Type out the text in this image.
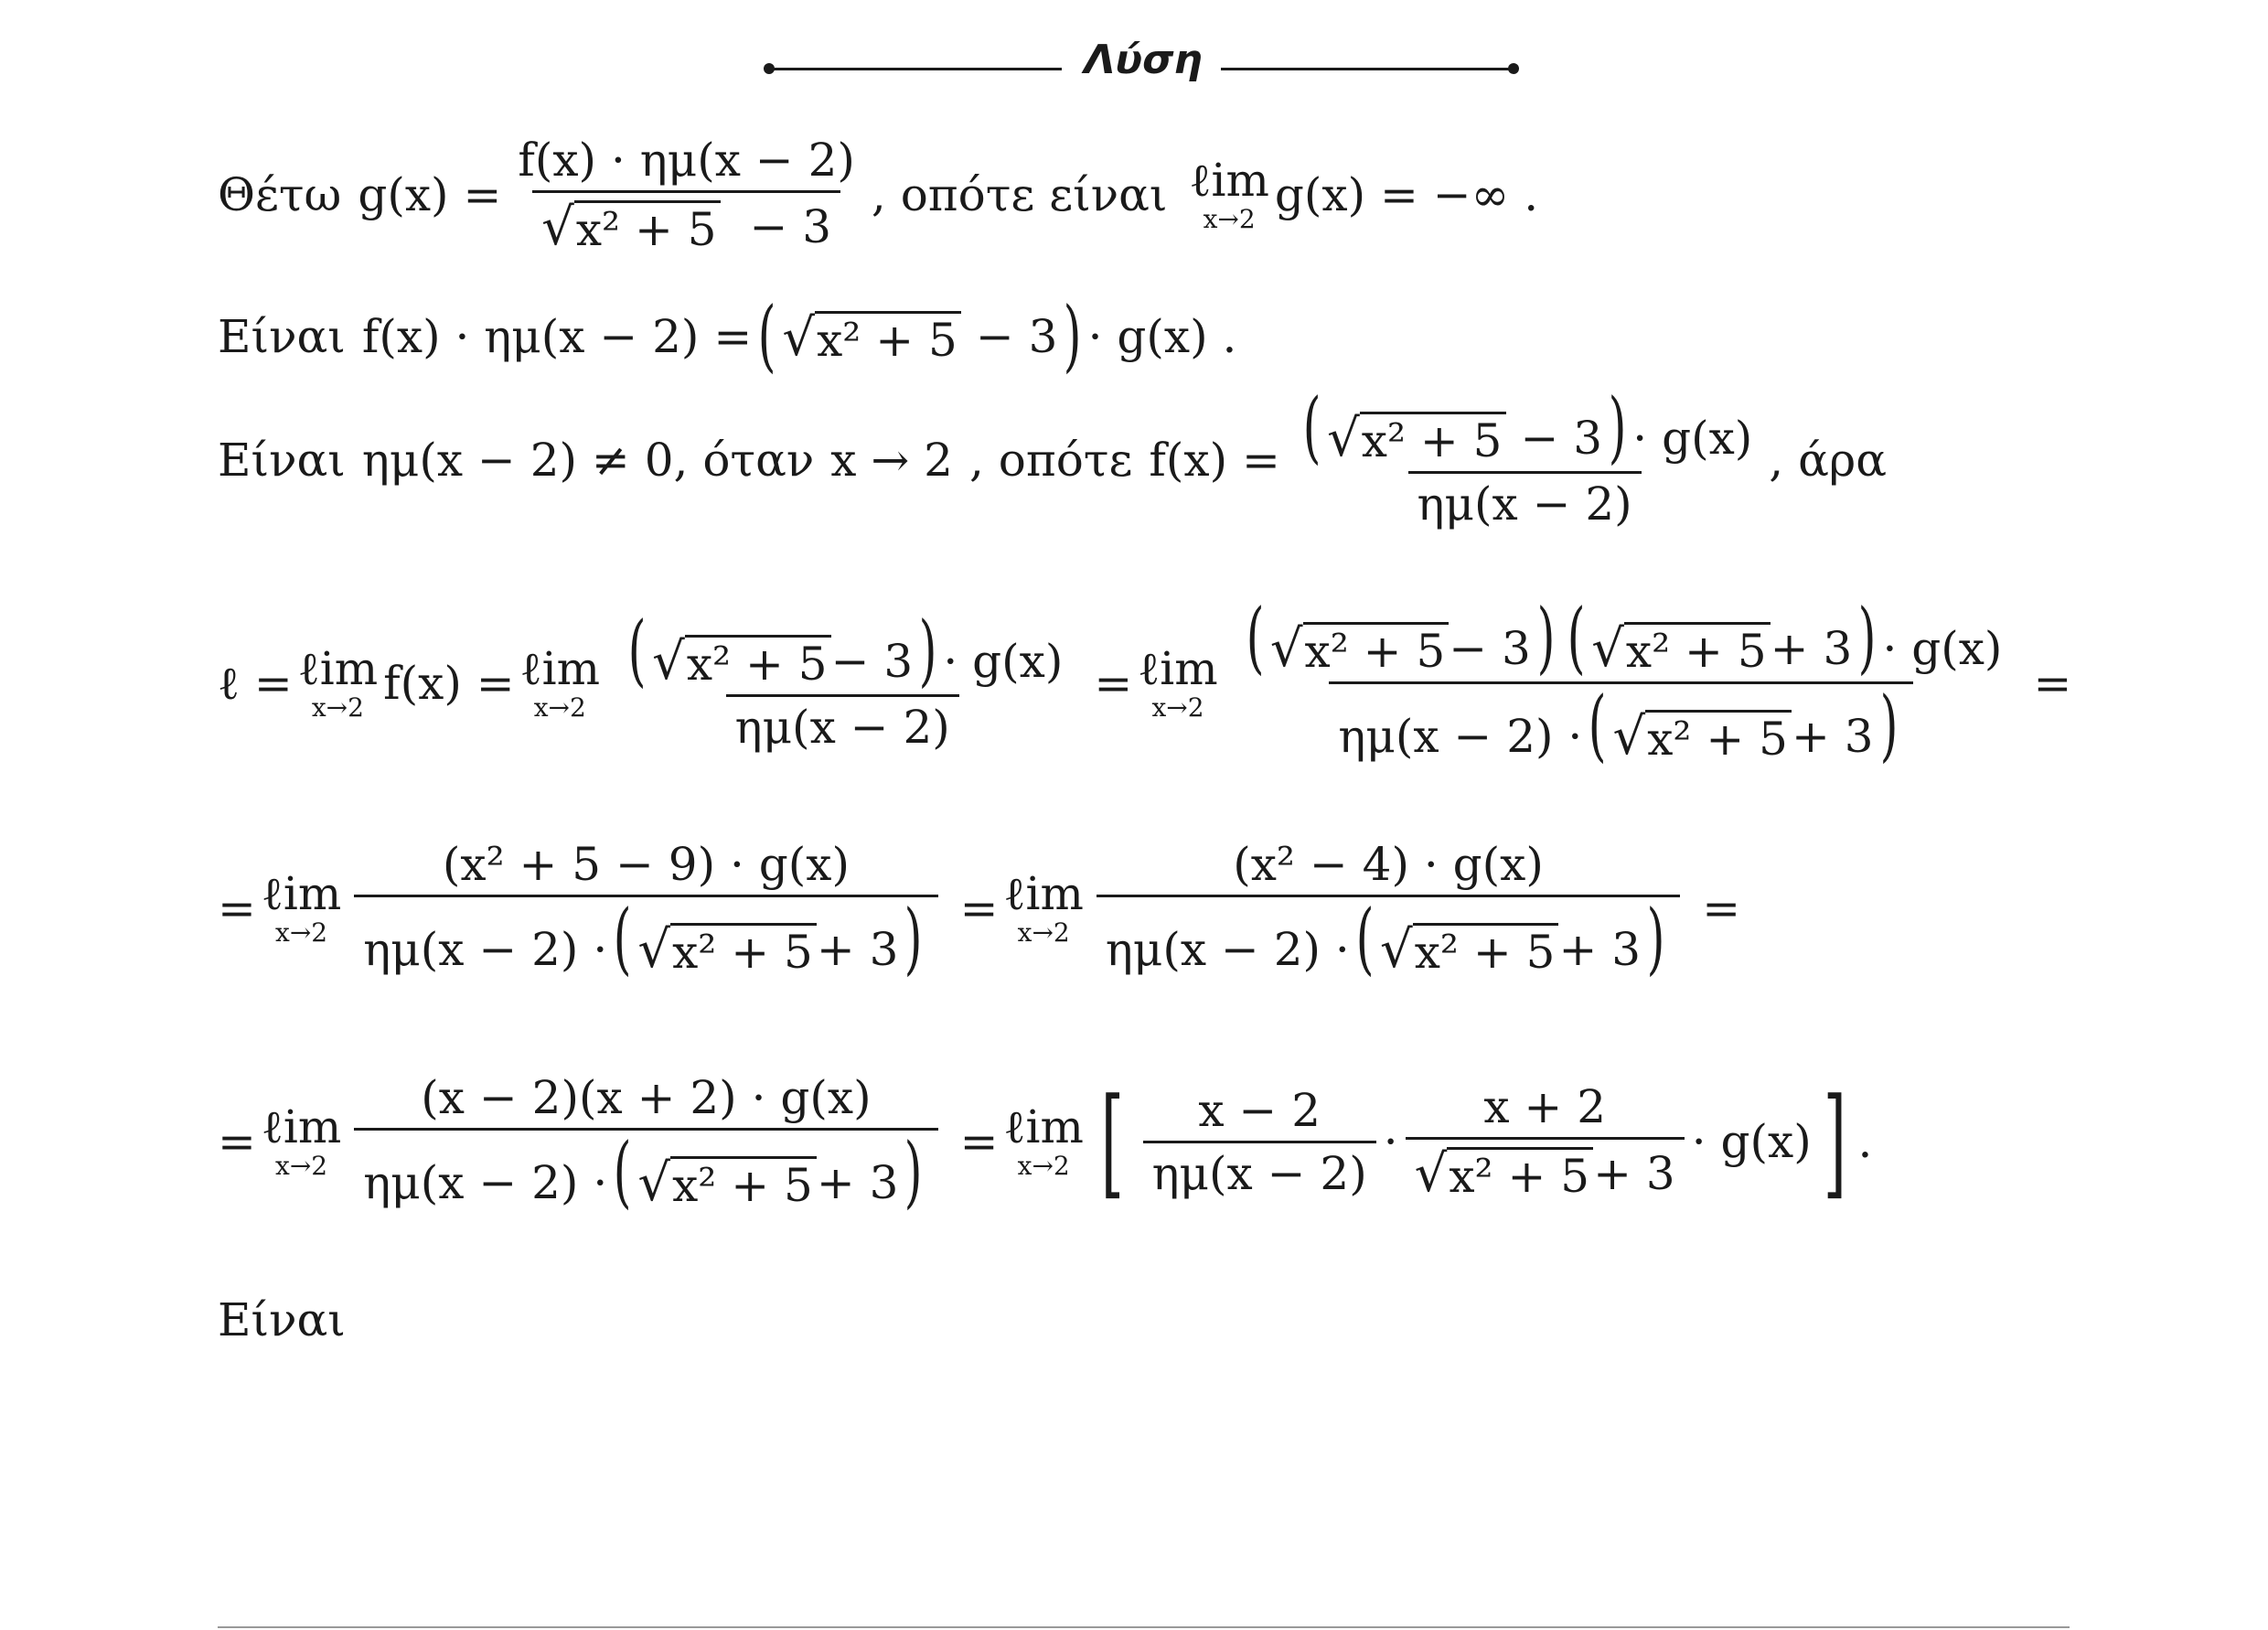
Λύση
Θέτω $g(x) = \frac{f(x) \cdot \eta\mu(x - 2)}{\text{√ x² + 5 − 3}}$ , οπότε είναι ℓim
x→2 g(x) = −∞ .
Είναι f(x) · ημ(x − 2) = ( √ x² + 5 − 3 ) · g(x) .
Είναι ημ(x − 2) ≠ 0 , όταν x → 2 , οπότε $f(x) = \frac{\text{( √ x² + 5 − 3) · g(x)}}{\eta\mu(x - 2)}$ , άρα
ℓ = ℓim
x→2 f(x) = ℓim
$x\to 2 \frac{\text{( √ x² + 5 − 3) · g(x)}}{\eta\mu(x - 2)}$ = ℓim
$x\to 2 \frac{\text{( √ x² + 5 − 3) ( √ x² + 5 + 3) · g(x)}}{\text{ημ(x − 2) ·( √ x² + 5 + 3)}}$ =
= ℓim
$x\to 2 \frac{\text{(x² + 5 − 9) · g(x)}}{\text{ημ(x − 2) ·( √ x² + 5 + 3)}}$ = ℓim
$x\to 2 \frac{\text{(x² − 4) · g(x)}}{\text{ημ(x − 2) ·( √ x² + 5 + 3)}}$ =
= ℓim
$x\to 2 \frac{(x - 2)(x + 2) \cdot g(x)}{\text{ημ(x − 2) ·( √ x² + 5 + 3)}}$ = ℓim
x→2 [ $\frac{x - 2}{\eta\mu(x - 2)} \cdot \frac{x + 2}{\text{√ x² + 5 + 3}} \cdot g(x)$ ] .
Είναι
